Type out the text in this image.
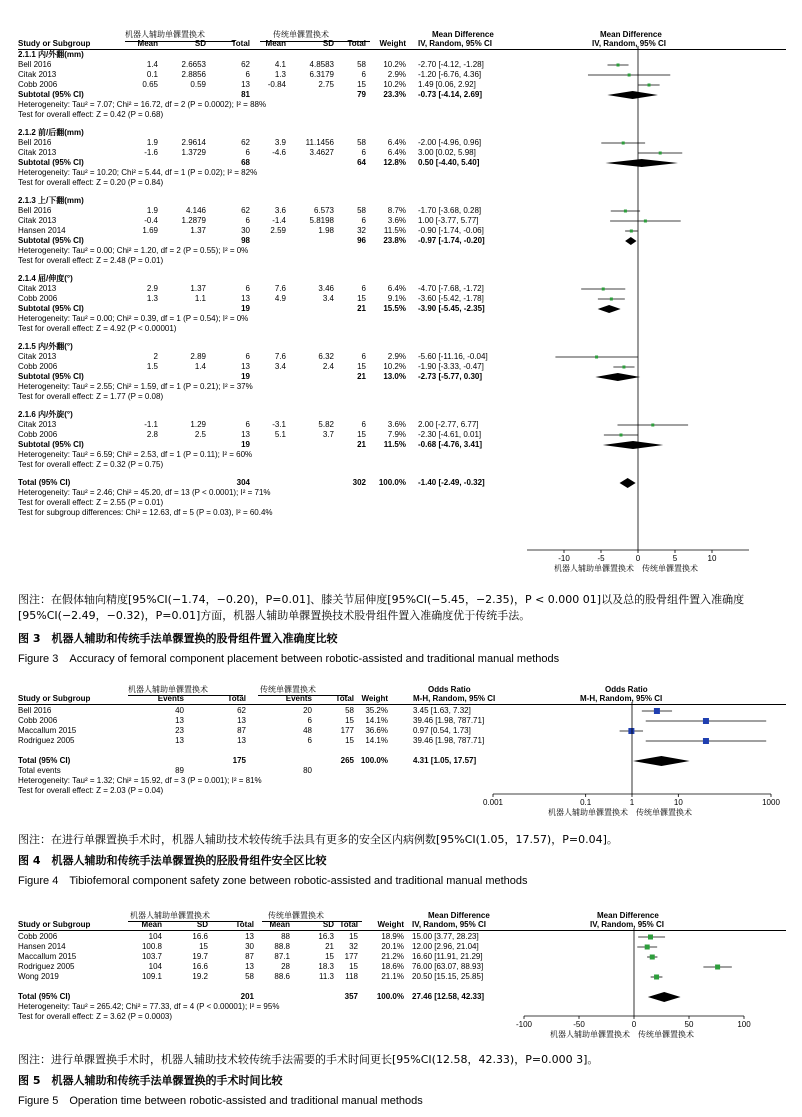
机器人辅助单髁置换术	传统单髁置换术	Mean Difference	Mean Difference
Study or Subgroup	Mean	SD	Total Mean	SD Total Weight IV, Random, 95% CI	IV, Random, 95% CI
2.1.1 内/外翻(mm)
Bell 2016	1.4	2.6653	62	4.1	4.8583	58 10.2% -2.70 [-4.12, -1.28]
Citak 2013	0.1	2.8856	6	1.3	6.3179	6	2.9% -1.20 [-6.76, 4.36]
Cobb 2006	0.65	0.59	13 -0.84	2.75	15 10.2% 1.49 [0.06, 2.92]
Subtotal (95% CI)	81	79 23.3% -0.73 [-4.14, 2.69]
Heterogeneity: Tau² = 7.07; Chi² = 16.72, df = 2 (P = 0.0002); I² = 88%
Test for overall effect: Z = 0.42 (P = 0.68)
2.1.2 前/后翻(mm)
Bell 2016	1.9	2.9614	62	3.9 11.1456	58	6.4% -2.00 [-4.96, 0.96]
Citak 2013	-1.6	1.3729	6	-4.6	3.4627	6	6.4% 3.00 [0.02, 5.98]
Subtotal (95% CI)	68	64 12.8% 0.50 [-4.40, 5.40]
Heterogeneity: Tau² = 10.20; Chi² = 5.44, df = 1 (P = 0.02); I² = 82%
Test for overall effect: Z = 0.20 (P = 0.84)
2.1.3 上/下翻(mm)
Bell 2016	1.9	4.146	62	3.6	6.573	58	8.7% -1.70 [-3.68, 0.28]
Citak 2013	-0.4	1.2879	6	-1.4	5.8198	6	3.6% 1.00 [-3.77, 5.77]
Hansen 2014	1.69	1.37	30	2.59	1.98	32 11.5% -0.90 [-1.74, -0.06]
Subtotal (95% CI)	98	96 23.8% -0.97 [-1.74, -0.20]
Heterogeneity: Tau² = 0.00; Chi² = 1.20, df = 2 (P = 0.55); I² = 0%
Test for overall effect: Z = 2.48 (P = 0.01)
2.1.4 屈/伸度(°)
Citak 2013	2.9	1.37	6	7.6	3.46	6	6.4% -4.70 [-7.68, -1.72]
Cobb 2006	1.3	1.1	13	4.9	3.4	15	9.1% -3.60 [-5.42, -1.78]
Subtotal (95% CI)	19	21 15.5% -3.90 [-5.45, -2.35]
Heterogeneity: Tau² = 0.00; Chi² = 0.39, df = 1 (P = 0.54); I² = 0%
Test for overall effect: Z = 4.92 (P < 0.00001)
2.1.5 内/外翻(°)
Citak 2013	2	2.89	6	7.6	6.32	6	2.9% -5.60 [-11.16, -0.04]
Cobb 2006	1.5	1.4	13	3.4	2.4	15 10.2% -1.90 [-3.33, -0.47]
Subtotal (95% CI)	19	21 13.0% -2.73 [-5.77, 0.30]
Heterogeneity: Tau² = 2.55; Chi² = 1.59, df = 1 (P = 0.21); I² = 37%
Test for overall effect: Z = 1.77 (P = 0.08)
2.1.6 内/外旋(°)
Citak 2013	-1.1	1.29	6	-3.1	5.82	6	3.6% 2.00 [-2.77, 6.77]
Cobb 2006	2.8	2.5	13	5.1	3.7	15	7.9% -2.30 [-4.61, 0.01]
Subtotal (95% CI)	19	21 11.5% -0.68 [-4.76, 3.41]
Heterogeneity: Tau² = 6.59; Chi² = 2.53, df = 1 (P = 0.11); I² = 60%
Test for overall effect: Z = 0.32 (P = 0.75)
Total (95% CI)	304	302 100.0% -1.40 [-2.49, -0.32]
Heterogeneity: Tau² = 2.46; Chi² = 45.20, df = 13 (P < 0.0001); I² = 71%
Test for overall effect: Z = 2.55 (P = 0.01)
Test for subgroup differences: Chi² = 12.63, df = 5 (P = 0.03), I² = 60.4%
-10	-5	0	5	10
机器人辅助单髁置换术 传统单髁置换术
图注：在假体轴向精度[95%CI(−1.74，−0.20)，P=0.01]、膝关节屈伸度[95%CI(−5.45，−2.35)，P < 0.000 01]以及总的股骨组件置入准确度[95%CI(−2.49，−0.32)，P=0.01]方面，机器人辅助单髁置换技术股骨组件置入准确度优于传统手法。
图 3　机器人辅助和传统手法单髁置换的股骨组件置入准确度比较
Figure 3　Accuracy of femoral component placement between robotic-assisted and traditional manual methods
机器人辅助单髁置换术	传统单髁置换术	Odds Ratio	Odds Ratio
Study or Subgroup	Events	Total	Events	Total Weight	M-H, Random, 95% CI	M-H, Random, 95% CI
Bell 2016	40	62	20	58 35.2%	3.45 [1.63, 7.32]
Cobb 2006	13	13	6	15 14.1%	39.46 [1.98, 787.71]
Maccallum 2015	23	87	48	177 36.6%	0.97 [0.54, 1.73]
Rodriguez 2005	13	13	6	15 14.1%	39.46 [1.98, 787.71]
Total (95% CI)	175	265 100.0%	4.31 [1.05, 17.57]
Total events	89	80
Heterogeneity: Tau² = 1.32; Chi² = 15.92, df = 3 (P = 0.001); I² = 81%
Test for overall effect: Z = 2.03 (P = 0.04)
0.001	0.1	1	10	1000
机器人辅助单髁置换术 传统单髁置换术
图注：在进行单髁置换手术时，机器人辅助技术较传统手法具有更多的安全区内病例数[95%CI(1.05，17.57)，P=0.04]。
图 4　机器人辅助和传统手法单髁置换的胫股骨组件安全区比较
Figure 4　Tibiofemoral component safety zone between robotic-assisted and traditional manual methods
机器人辅助单髁置换术	传统单髁置换术	Mean Difference	Mean Difference
Study or Subgroup	Mean	SD	Total Mean	SD Total Weight IV, Random, 95% CI	IV, Random, 95% CI
Cobb 2006	104	16.6	13	88	16.3 15	18.9% 15.00 [3.77, 28.23]
Hansen 2014	100.8	15	30	88.8	21 32	20.1% 12.00 [2.96, 21.04]
Maccallum 2015	103.7	19.7	87	87.1	15 177	21.2% 16.60 [11.91, 21.29]
Rodriguez 2005	104	16.6	13	28	18.3 15	18.6% 76.00 [63.07, 88.93]
Wong 2019	109.1	19.2	58	88.6	11.3 118	21.1% 20.50 [15.15, 25.85]
Total (95% CI)	201	357 100.0% 27.46 [12.58, 42.33]
Heterogeneity: Tau² = 265.42; Chi² = 77.33, df = 4 (P < 0.00001); I² = 95%
Test for overall effect: Z = 3.62 (P = 0.0003)
-100	-50	0	50	100
机器人辅助单髁置换术 传统单髁置换术
图注：进行单髁置换手术时，机器人辅助技术较传统手法需要的手术时间更长[95%CI(12.58，42.33)，P=0.000 3]。
图 5　机器人辅助和传统手法单髁置换的手术时间比较
Figure 5　Operation time between robotic-assisted and traditional manual methods
